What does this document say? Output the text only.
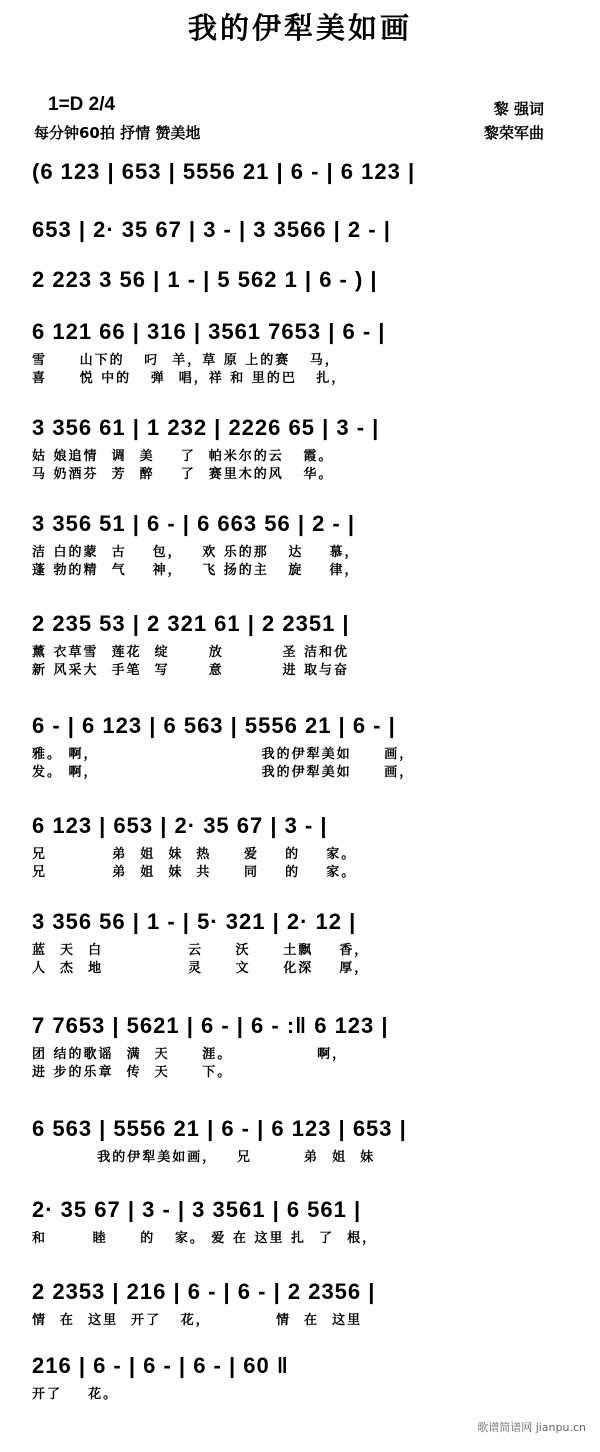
我的伊犁美如画
1=D 2/4
每分钟60拍 抒情 赞美地
黎 强词
黎荣军曲
(6 123 | 653 | 5556 21 | 6 - | 6 123 |
653 | 2· 35 67 | 3 - | 3 3566 | 2 - |
2 223 3 56 | 1 - | 5 562 1 | 6 - ) |
6 121 66 | 316 | 3561 7653 | 6 - |
雪     山下的   叼  羊，草 原 上的赛   马，
喜     悦 中的   弹  唱，祥 和 里的巴   扎，
3 356 61 | 1 232 | 2226 65 | 3 - |
姑 娘追情  调  美    了  帕米尔的云   霞。
马 奶酒芬  芳  醉    了  赛里木的风   华。
3 356 51 | 6 - | 6 663 56 | 2 - |
洁 白的蒙  古    包，   欢 乐的那   达    慕，
蓬 勃的精  气    神，   飞 扬的主   旋    律，
2 235 53 | 2 321 61 | 2 2351 |
薰 衣草雪  莲花  绽      放         圣 洁和优
新 风采大  手笔  写      意         进 取与奋
6 - | 6 123 | 6 563 | 5556 21 | 6 - |
雅。 啊，                         我的伊犁美如     画，
发。 啊，                         我的伊犁美如     画，
6 123 | 653 | 2· 35 67 | 3 - |
兄          弟  姐  妹  热     爱    的    家。
兄          弟  姐  妹  共     同    的    家。
3 356 56 | 1 - | 5· 321 | 2· 12 |
蓝  天  白             云     沃     土飘    香，
人  杰  地             灵     文     化深    厚，
7 7653 | 5621 | 6 - | 6 - :‖ 6 123 |
团 结的歌谣  满  天     涯。             啊，
进 步的乐章  传  天     下。
6 563 | 5556 21 | 6 - | 6 123 | 653 |
我的伊犁美如画，   兄        弟  姐  妹
2· 35 67 | 3 - | 3 3561 | 6 561 |
和       睦     的   家。 爱 在 这里 扎  了  根，
2 2353 | 216 | 6 - | 6 - | 2 2356 |
情  在  这里  开了   花，          情  在  这里
216 | 6 - | 6 - | 6 - | 60 ‖
开了    花。
歌谱简谱网 jianpu.cn
